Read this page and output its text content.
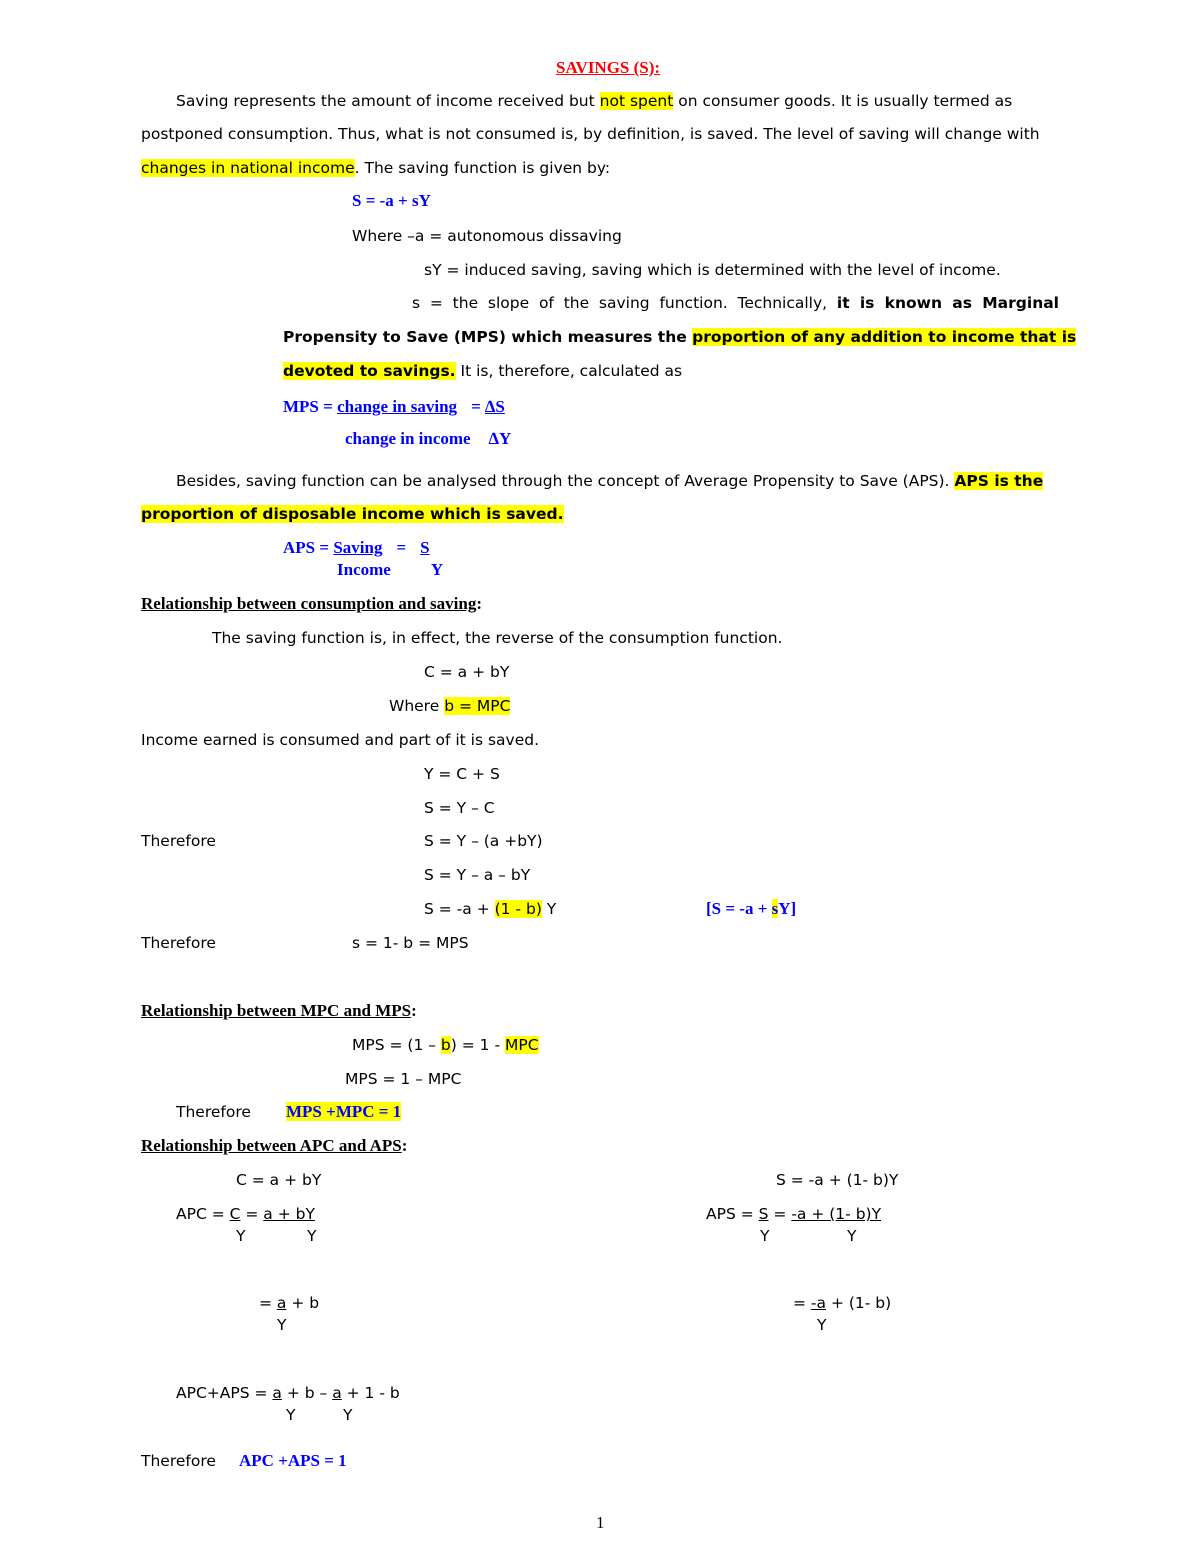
SAVINGS (S):
Saving represents the amount of income received but not spent on consumer goods. It is usually termed as
postponed consumption. Thus, what is not consumed is, by definition, is saved. The level of saving will change with
changes in national income. The saving function is given by:
S = -a + sY
Where –a = autonomous dissaving
sY = induced saving, saving which is determined with the level of income.
s = the slope of the saving function. Technically, it is known as Marginal
Propensity to Save (MPS) which measures the proportion of any addition to income that is
devoted to savings. It is, therefore, calculated as
MPS = change in saving = ∆S
change in income ∆Y
Besides, saving function can be analysed through the concept of Average Propensity to Save (APS). APS is the
proportion of disposable income which is saved.
APS = Saving = S
Income Y
Relationship between consumption and saving:
The saving function is, in effect, the reverse of the consumption function.
C = a + bY
Where b = MPC
Income earned is consumed and part of it is saved.
Y = C + S
S = Y – C
Therefore	S = Y – (a +bY)
S = Y – a – bY
S = -a + (1 - b) Y	[S = -a + sY]
Therefore	s = 1- b = MPS
Relationship between MPC and MPS:
MPS = (1 – b) = 1 - MPC
MPS = 1 – MPC
Therefore MPS +MPC = 1
Relationship between APC and APS:
C = a + bY	S = -a + (1- b)Y
APC = C = a + bY
Y	Y
APS = S = -a + (1- b)Y
Y	Y
= a + b
Y
= -a + (1- b)
Y
APC+APS = a + b – a + 1 - b
Y	Y
Therefore APC +APS = 1
1
